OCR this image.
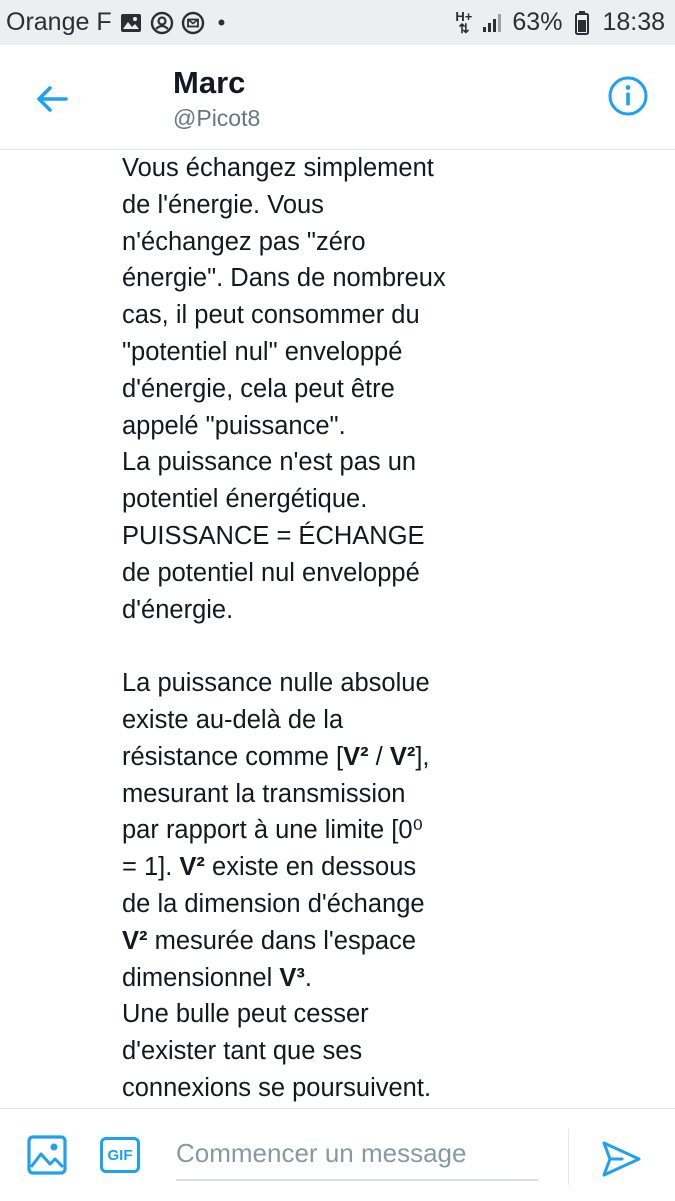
Orange F	•	H+
⇅ 63% 18:38
Marc
@Picot8
Vous échangez simplement
de l'énergie. Vous
n'échangez pas "zéro
énergie". Dans de nombreux
cas, il peut consommer du
"potentiel nul" enveloppé
d'énergie, cela peut être
appelé "puissance".
La puissance n'est pas un
potentiel énergétique.
PUISSANCE = ÉCHANGE
de potentiel nul enveloppé
d'énergie.

La puissance nulle absolue
existe au-delà de la
résistance comme [V² / V²],
mesurant la transmission
par rapport à une limite [0⁰
= 1]. V² existe en dessous
de la dimension d'échange
V² mesurée dans l'espace
dimensionnel V³.
Une bulle peut cesser
d'exister tant que ses
connexions se poursuivent.
GIF
Commencer un message
